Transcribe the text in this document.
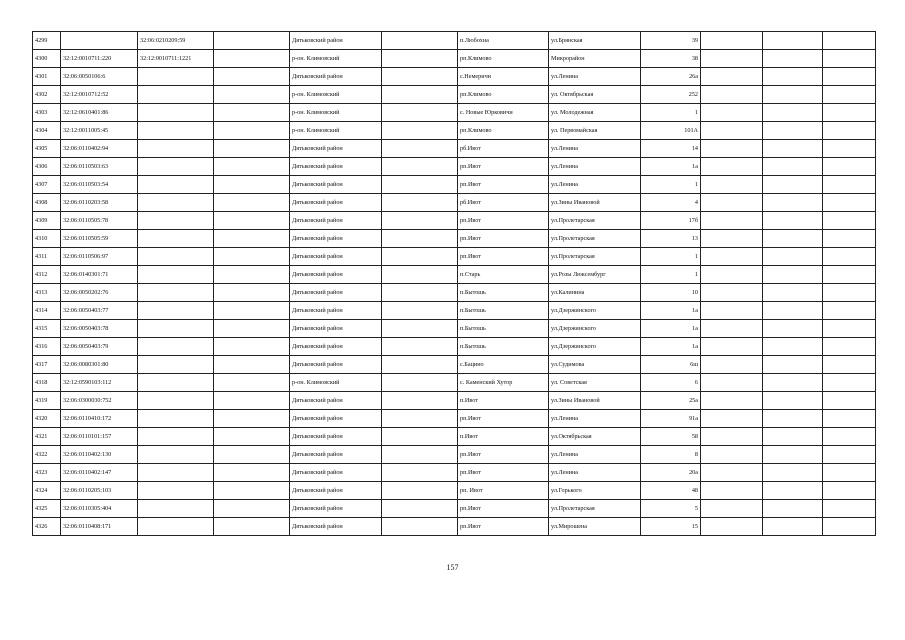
4299		32:06:0210209:59		Дятьковский район		п.Любохна	ул.Брянская	39			
4300	32:12:0010711:220	32:12:0010711:1221		р-он. Климовский		рп.Климово	Микрорайон	38			
4301	32:06:0050106:6			Дятьковский район		с.Немеричи	ул.Ленина	26а			
4302	32:12:0010712:52			р-он. Климовский		рп.Климово	ул. Октябрьская	252			
4303	32:12:0610401:86			р-он. Климовский		с. Новые Юрковичи	ул. Молодежная	1			
4304	32:12:0011005:45			р-он. Климовский		рп.Климово	ул. Первомайская	101А			
4305	32:06:0110402:94			Дятьковский район		рб.Ивот	ул.Ленина	14			
4306	32:06:0110503:63			Дятьковский район		рп.Ивот	ул.Ленина	1а			
4307	32:06:0110503:54			Дятьковский район		рп.Ивот	ул.Ленина	1			
4308	32:06:0110203:58			Дятьковский район		рб.Ивот	ул.Зины Ивановой	4			
4309	32:06:0110505:78			Дятьковский район		рп.Ивот	ул.Пролетарская	17б			
4310	32:06:0110505:59			Дятьковский район		рп.Ивот	ул.Пролетарская	13			
4311	32:06:0110506:97			Дятьковский район		рп.Ивот	ул.Пролетарская	1			
4312	32:06:0140301:71			Дятьковский район		п.Старь	ул.Розы Люксембург	1			
4313	32:06:0050202:76			Дятьковский район		п.Бытошь	ул.Калинина	10			
4314	32:06:0050403:77			Дятьковский район		п.Бытошь	ул.Дзержинского	1а			
4315	32:06:0050403:78			Дятьковский район		п.Бытошь	ул.Дзержинского	1а			
4316	32:06:0050403:79			Дятьковский район		п.Бытошь	ул.Дзержинского	1а			
4317	32:06:0080301:80			Дятьковский район		с.Бацино	ул.Судимова	6ш			
4318	32:12:0590103:112			р-он. Климовский		с. Каменский Хутор	ул. Советская	6			
4319	32:06:0300030:752			Дятьковский район		п.Ивот	ул.Зины Ивановой	25а			
4320	32:06:0110410:172			Дятьковский район		рп.Ивот	ул.Ленина	91а			
4321	32:06:0110101:157			Дятьковский район		п.Ивот	ул.Октябрьская	58			
4322	32:06:0110402:130			Дятьковский район		рп.Ивот	ул.Ленина	8			
4323	32:06:0110402:147			Дятьковский район		рп.Ивот	ул.Ленина	20а			
4324	32:06:0110205:103			Дятьковский район		рп. Ивот	ул.Горького	48			
4325	32:06:0110305:404			Дятьковский район		рп.Ивот	ул.Пролетарская	5			
4326	32:06:0110408:171			Дятьковский район		рп.Ивот	ул.Мирошена	15			
157
